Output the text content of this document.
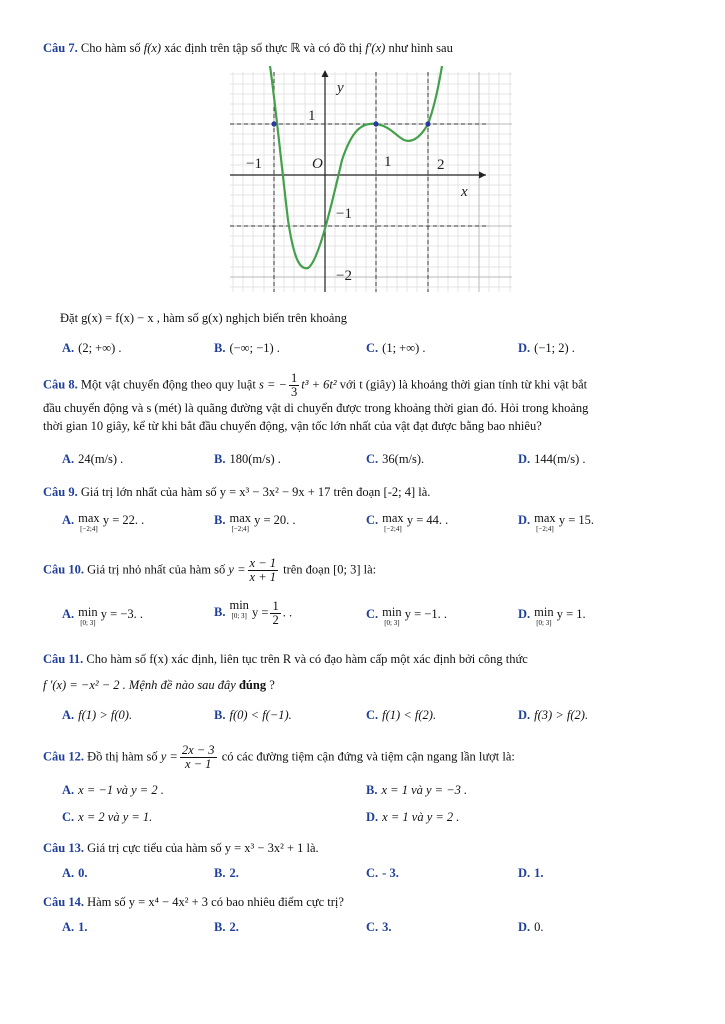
Câu 7. Cho hàm số f(x) xác định trên tập số thực ℝ và có đồ thị f′(x) như hình sau
y
x
1
−1	O	1	2
−1
−2
Đặt g(x) = f(x) − x , hàm số g(x) nghịch biến trên khoảng
A. (2; +∞) .	B. (−∞; −1) .	C. (1; +∞) .	D. (−1; 2) .
Câu 8. Một vật chuyển động theo quy luật s = − $\frac{1}{3} t^3 + 6t^2$ với t (giây) là khoảng thời gian tính từ khi vật bắt
đầu chuyển động và s (mét) là quãng đường vật di chuyển được trong khoảng thời gian đó. Hỏi trong khoảng
thời gian 10 giây, kể từ khi bắt đầu chuyển động, vận tốc lớn nhất của vật đạt được bằng bao nhiêu?
A. 24(m/s) .	B. 180(m/s) .	C. 36(m/s).	D. 144(m/s) .
Câu 9. Giá trị lớn nhất của hàm số y = x³ − 3x² − 9x + 17 trên đoạn [-2; 4] là.
A. max
[−2;4]
y = 22. .	B. max
[−2;4]
y = 20. .	C. max
[−2;4]
y = 44. .	D. max
[−2;4]
y = 15.
Câu 10. Giá trị nhỏ nhất của hàm số $y = \frac{x - 1}{x + 1}$ trên đoạn [0; 3] là:
A. min
[0; 3]
y = −3. .	B.min
[0; 3] $y = \frac{1}{2}$ . .	C. min
[0; 3]
y = −1. .	D. min
[0; 3]
y = 1.
Câu 11. Cho hàm số f(x) xác định, liên tục trên R và có đạo hàm cấp một xác định bởi công thức
f ′(x) = −x² − 2 . Mệnh đề nào sau đây đúng ?
A. f(1) > f(0).	B. f(0) < f(−1).	C. f(1) < f(2).	D. f(3) > f(2).
Câu 12. Đồ thị hàm số $y = \frac{2x - 3}{x - 1}$ có các đường tiệm cận đứng và tiệm cận ngang lần lượt là:
A. x = −1 và y = 2 .	B. x = 1 và y = −3 .
C. x = 2 và y = 1.	D. x = 1 và y = 2 .
Câu 13. Giá trị cực tiểu của hàm số y = x³ − 3x² + 1 là.
A. 0.	B. 2.	C. - 3.	D. 1.
Câu 14. Hàm số y = x⁴ − 4x² + 3 có bao nhiêu điểm cực trị?
A. 1.	B. 2.	C. 3.	D. 0.
